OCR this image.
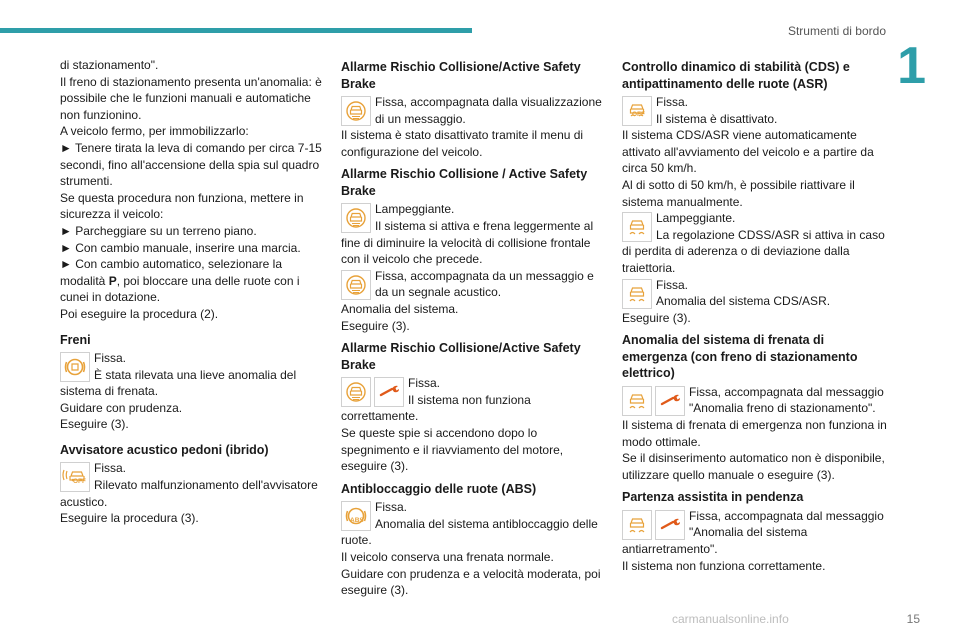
Strumenti di bordo
1
15
carmanualsonline.info

di stazionamento".

Il freno di stazionamento presenta un'anomalia: è possibile che le funzioni manuali e automatiche non funzionino.

A veicolo fermo, per immobilizzarlo:

► Tenere tirata la leva di comando per circa 7-15 secondi, fino all'accensione della spia sul quadro strumenti.

Se questa procedura non funziona, mettere in sicurezza il veicolo:

► Parcheggiare su un terreno piano.

► Con cambio manuale, inserire una marcia.

► Con cambio automatico, selezionare la modalità P, poi bloccare una delle ruote con i cunei in dotazione.

Poi eseguire la procedura (2).

Freni
Fissa.
È stata rilevata una lieve anomalia del sistema di frenata.
Guidare con prudenza.
Eseguire (3).
Avvisatore acustico pedoni (ibrido)
OFF
Fissa.
Rilevato malfunzionamento dell'avvisatore acustico.
Eseguire la procedura (3).
Allarme Rischio Collisione/Active Safety Brake
Fissa, accompagnata dalla visualizzazione di un messaggio.
Il sistema è stato disattivato tramite il menu di configurazione del veicolo.
Allarme Rischio Collisione / Active Safety Brake
Lampeggiante.
Il sistema si attiva e frena leggermente al fine di diminuire la velocità di collisione frontale con il veicolo che precede.
Fissa, accompagnata da un messaggio e da un segnale acustico.
Anomalia del sistema.
Eseguire (3).
Allarme Rischio Collisione/Active Safety Brake
Fissa.
Il sistema non funziona correttamente.
Se queste spie si accendono dopo lo spegnimento e il riavviamento del motore, eseguire (3).
Antibloccaggio delle ruote (ABS)
ABS
Fissa.
Anomalia del sistema antibloccaggio delle ruote.
Il veicolo conserva una frenata normale.
Guidare con prudenza e a velocità moderata, poi eseguire (3).
Controllo dinamico di stabilità (CDS) e antipattinamento delle ruote (ASR)
OFF
Fissa.
Il sistema è disattivato.
Il sistema CDS/ASR viene automaticamente attivato all'avviamento del veicolo e a partire da circa 50 km/h.
Al di sotto di 50 km/h, è possibile riattivare il sistema manualmente.
Lampeggiante.
La regolazione CDSS/ASR si attiva in caso di perdita di aderenza o di deviazione dalla traiettoria.
Fissa.
Anomalia del sistema CDS/ASR.
Eseguire (3).
Anomalia del sistema di frenata di emergenza (con freno di stazionamento elettrico)
Fissa, accompagnata dal messaggio "Anomalia freno di stazionamento".
Il sistema di frenata di emergenza non funziona in modo ottimale.
Se il disinserimento automatico non è disponibile, utilizzare quello manuale o eseguire (3).
Partenza assistita in pendenza
Fissa, accompagnata dal messaggio "Anomalia del sistema antiarretramento".
Il sistema non funziona correttamente.
